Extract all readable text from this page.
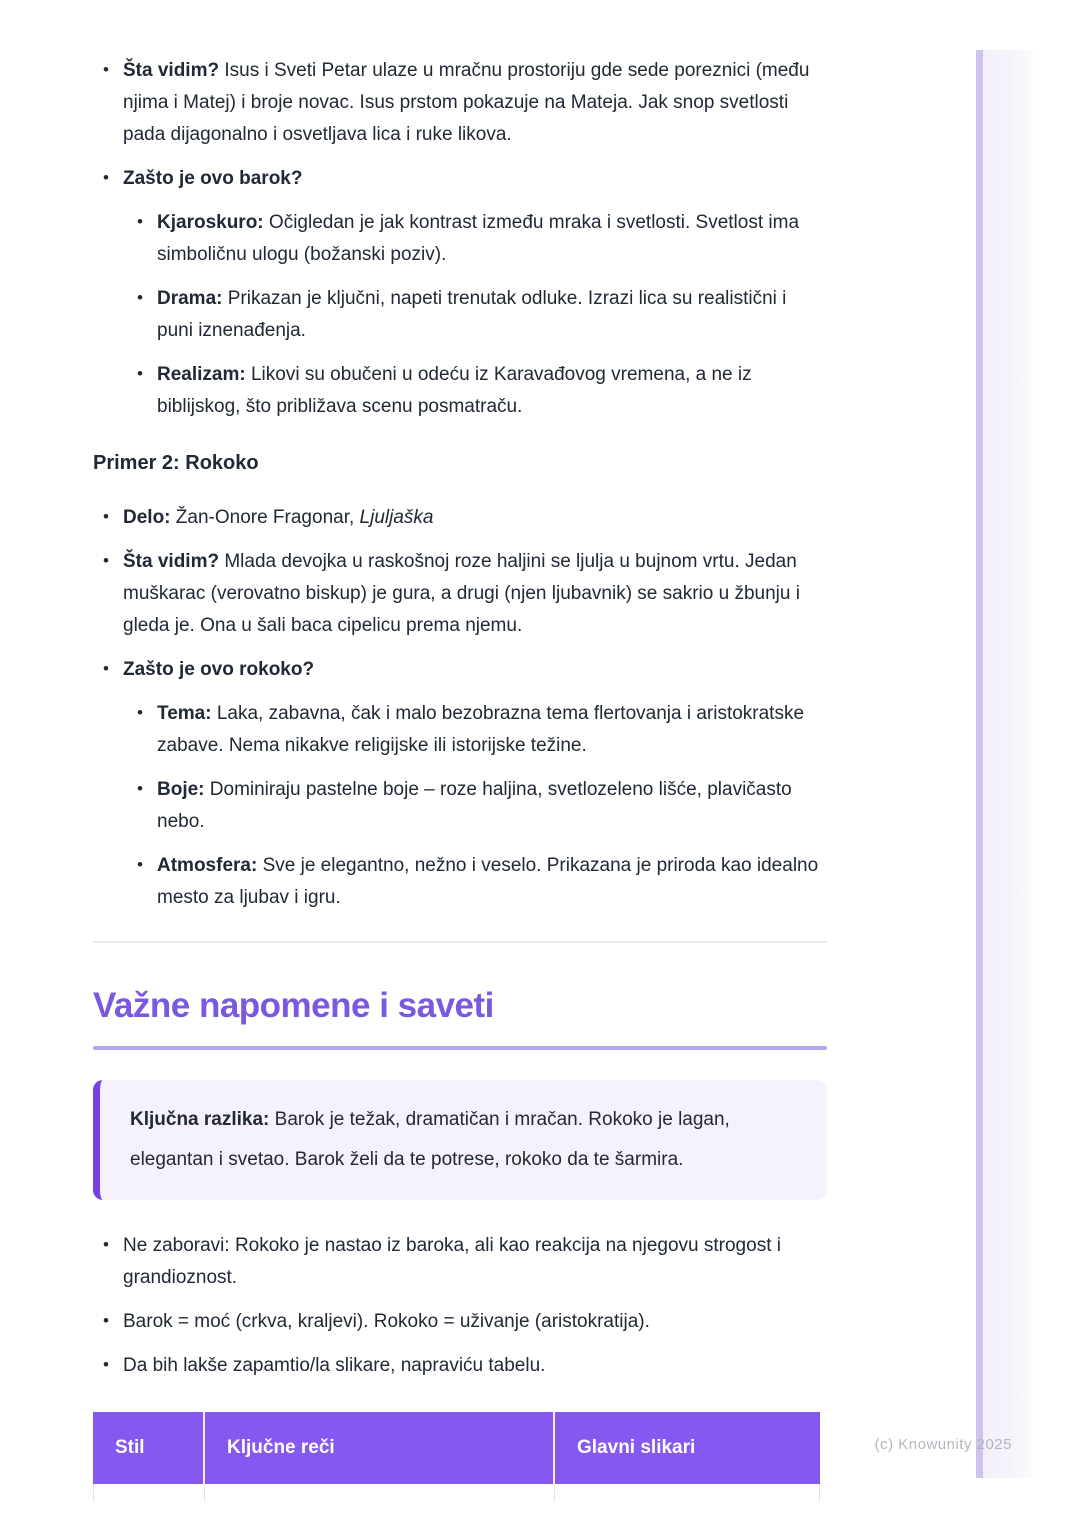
• Šta vidim? Isus i Sveti Petar ulaze u mračnu prostoriju gde sede poreznici (među njima i Matej) i broje novac. Isus prstom pokazuje na Mateja. Jak snop svetlosti pada dijagonalno i osvetljava lica i ruke likova.
• Zašto je ovo barok?
• Kjaroskuro: Očigledan je jak kontrast između mraka i svetlosti. Svetlost ima simboličnu ulogu (božanski poziv).
• Drama: Prikazan je ključni, napeti trenutak odluke. Izrazi lica su realistični i puni iznenađenja.
• Realizam: Likovi su obučeni u odeću iz Karavađovog vremena, a ne iz biblijskog, što približava scenu posmatraču.
Primer 2: Rokoko
• Delo: Žan-Onore Fragonar, Ljuljaška
• Šta vidim? Mlada devojka u raskošnoj roze haljini se ljulja u bujnom vrtu. Jedan muškarac (verovatno biskup) je gura, a drugi (njen ljubavnik) se sakrio u žbunju i gleda je. Ona u šali baca cipelicu prema njemu.
• Zašto je ovo rokoko?
• Tema: Laka, zabavna, čak i malo bezobrazna tema flertovanja i aristokratske zabave. Nema nikakve religijske ili istorijske težine.
• Boje: Dominiraju pastelne boje – roze haljina, svetlozeleno lišće, plavičasto nebo.
• Atmosfera: Sve je elegantno, nežno i veselo. Prikazana je priroda kao idealno mesto za ljubav i igru.
Važne napomene i saveti
Ključna razlika: Barok je težak, dramatičan i mračan. Rokoko je lagan, elegantan i svetao. Barok želi da te potrese, rokoko da te šarmira.
• Ne zaboravi: Rokoko je nastao iz baroka, ali kao reakcija na njegovu strogost i grandioznost.
• Barok = moć (crkva, kraljevi). Rokoko = uživanje (aristokratija).
• Da bih lakše zapamtio/la slikare, napraviću tabelu.
Stil	Ključne reči	Glavni slikari	(c) Knowunity 2025
